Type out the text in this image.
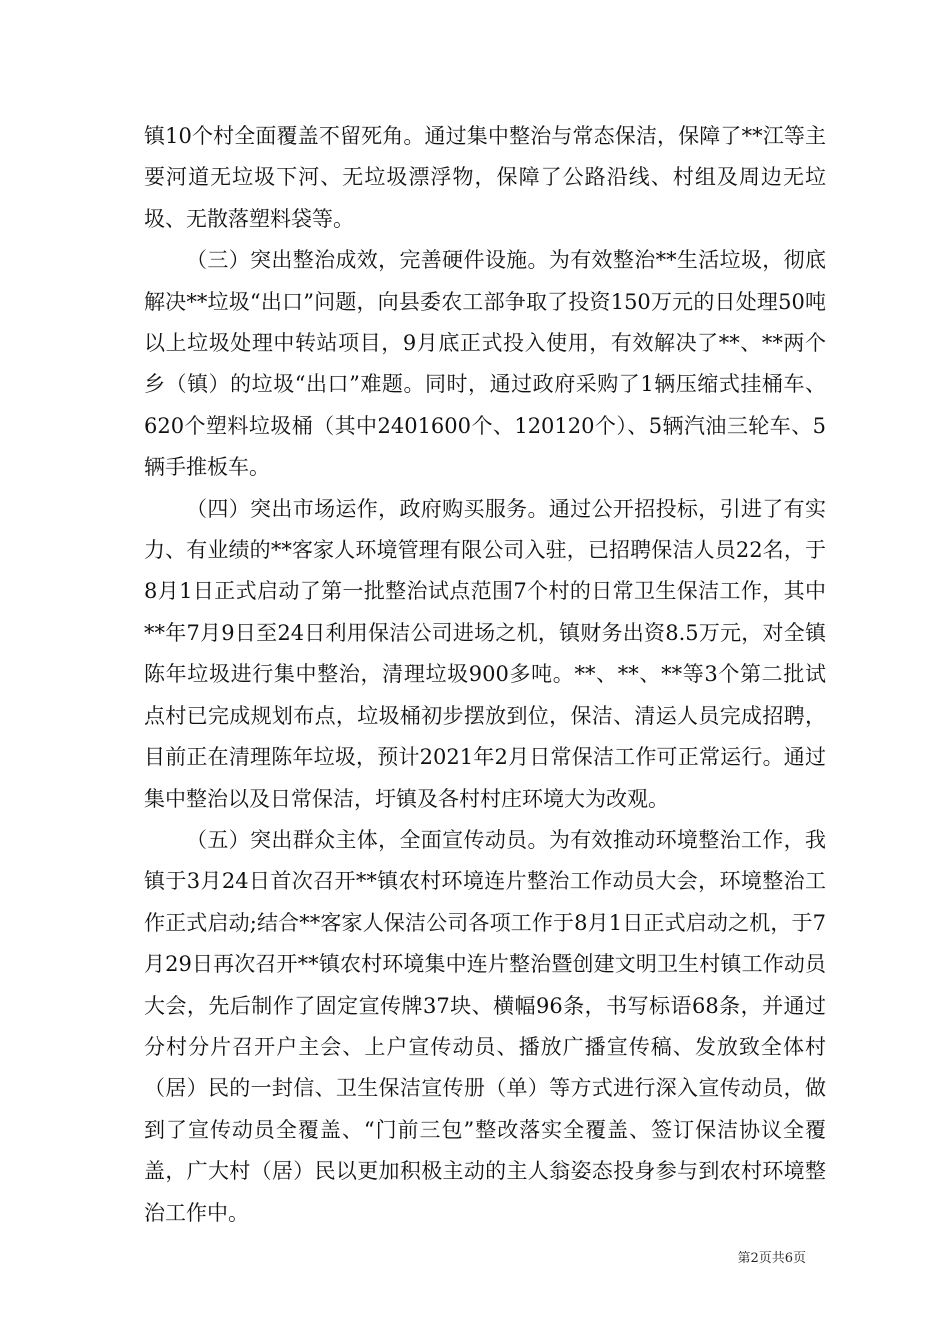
镇10个村全面覆盖不留死角。通过集中整治与常态保洁，保障了**江等主要河道无垃圾下河、无垃圾漂浮物，保障了公路沿线、村组及周边无垃圾、无散落塑料袋等。

（三）突出整治成效，完善硬件设施。为有效整治**生活垃圾，彻底解决**垃圾“出口”问题，向县委农工部争取了投资150万元的日处理50吨以上垃圾处理中转站项目，9月底正式投入使用，有效解决了**、**两个乡（镇）的垃圾“出口”难题。同时，通过政府采购了1辆压缩式挂桶车、620个塑料垃圾桶（其中2401600个、120120个）、5辆汽油三轮车、5辆手推板车。

（四）突出市场运作，政府购买服务。通过公开招投标，引进了有实力、有业绩的**客家人环境管理有限公司入驻，已招聘保洁人员22名，于8月1日正式启动了第一批整治试点范围7个村的日常卫生保洁工作，其中**年7月9日至24日利用保洁公司进场之机，镇财务出资8.5万元，对全镇陈年垃圾进行集中整治，清理垃圾900多吨。**、**、**等3个第二批试点村已完成规划布点，垃圾桶初步摆放到位，保洁、清运人员完成招聘，目前正在清理陈年垃圾，预计2021年2月日常保洁工作可正常运行。通过集中整治以及日常保洁，圩镇及各村村庄环境大为改观。

（五）突出群众主体，全面宣传动员。为有效推动环境整治工作，我镇于3月24日首次召开**镇农村环境连片整治工作动员大会，环境整治工作正式启动;结合**客家人保洁公司各项工作于8月1日正式启动之机，于7月29日再次召开**镇农村环境集中连片整治暨创建文明卫生村镇工作动员大会，先后制作了固定宣传牌37块、横幅96条，书写标语68条，并通过分村分片召开户主会、上户宣传动员、播放广播宣传稿、发放致全体村（居）民的一封信、卫生保洁宣传册（单）等方式进行深入宣传动员，做到了宣传动员全覆盖、“门前三包”整改落实全覆盖、签订保洁协议全覆盖，广大村（居）民以更加积极主动的主人翁姿态投身参与到农村环境整治工作中。

第2页共6页
